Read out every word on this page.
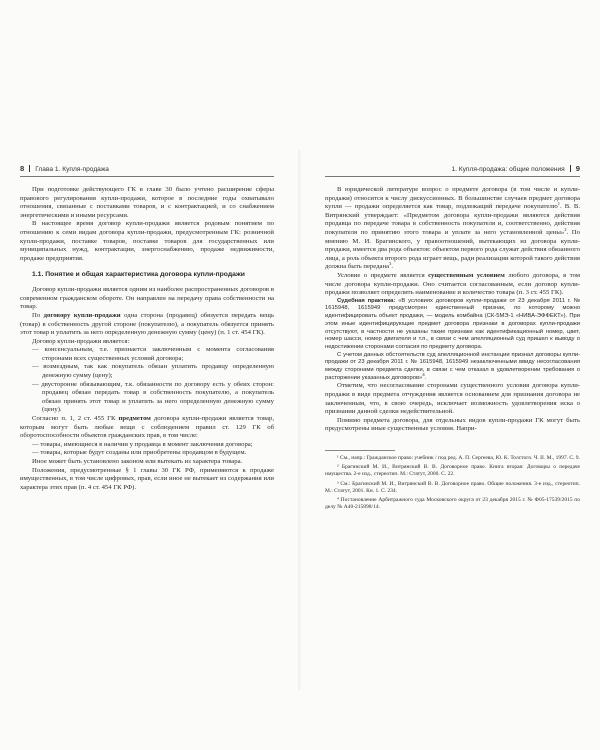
8 Глава 1. Купля-продажа	1. Купля-продажа: общие положения 9

При подготовке действующего ГК в главе 30 было учтено расширение сферы правового регулирования купли-продажи, которое в последние годы охватывало отношения, связанные с поставками товаров, и с контрактацией, и со снабжением энергетическими и иными ресурсами.

В настоящее время договор купли-продажи является родовым понятием по отношению к семи видам договора купли-продажи, предусмотренным ГК: розничной купли-продажи, поставке товаров, поставке товаров для государственных или муниципальных нужд, контрактации, энергоснабжению, продаже недвижимости, продаже предприятия.

1.1. Понятие и общая характеристика договора купли-продажи

Договор купли-продажи является одним из наиболее распространенных договоров в современном гражданском обороте. Он направлен на передачу права собственности на товар.

По договору купли-продажи одна сторона (продавец) обязуется передать вещь (товар) в собственность другой стороне (покупателю), а покупатель обязуется принять этот товар и уплатить за него определенную денежную сумму (цену) (п. 1 ст. 454 ГК).

Договор купли-продажи является:

— консенсуальным, т.е. признается заключенным с момента согласования сторонами всех существенных условий договора;

— возмездным, так как покупатель обязан уплатить продавцу определенную денежную сумму (цену);

— двусторонне обязывающим, т.к. обязанности по договору есть у обеих сторон: продавец обязан передать товар в собственность покупателю, а покупатель обязан принять этот товар и уплатить за него определенную денежную сумму (цену).

Согласно п. 1, 2 ст. 455 ГК предметом договора купли-продажи является товар, которым могут быть любые вещи с соблюдением правил ст. 129 ГК об оборотоспособности объектов гражданских прав, в том числе:

— товары, имеющиеся в наличии у продавца в момент заключения договора;

— товары, которые будут созданы или приобретены продавцом в будущем.

Иное может быть установлено законом или вытекать из характера товара.

Положения, предусмотренные § 1 главы 30 ГК РФ, применяются к продаже имущественных, в том числе цифровых, прав, если иное не вытекает из содержания или характера этих прав (п. 4 ст. 454 ГК РФ).

В юридической литературе вопрос о предмете договора (в том числе и купли-продажи) относится к числу дискуссионных. В большинстве случаев предмет договора купли — продажи определяется как товар, подлежащий передаче покупателю$^1$. В. В. Витрянский утверждает: «Предметом договора купли-продажи являются действия продавца по передаче товара в собственность покупателя и, соответственно, действия покупателя по принятию этого товара и уплате за него установленной цены»$^2$. По мнению М. И. Брагинского, у правоотношений, вытекающих из договора купли-продажи, имеется два рода объектов: объектом первого рода служат действия обязанного лица, а роль объекта второго рода играет вещь, ради реализации которой такого действия должна быть передана$^3$.

Условие о предмете является существенным условием любого договора, в том числе договора купли-продажи. Оно считается согласованным, если договор купли-продажи позволяет определить наименование и количество товара (п. 3 ст. 455 ГК).

Судебная практика: «В условиях договоров купли-продажи от 23 декабря 2011 г. № 1615948, 1615949 предусмотрен единственный признак, по которому можно идентифицировать объект продажи, — модель комбайна (СК-5МЭ-1 «НИВА-ЭФФЕКТ»). При этом иные идентифицирующие предмет договора признаки в договорах купли-продажи отсутствуют, в частности не указаны такие признаки как идентификационный номер, цвет, номер шасси, номер двигателя и т.п., в связи с чем апелляционный суд пришел к выводу о недостижении сторонами согласия по предмету договора.

С учетом данных обстоятельств суд апелляционной инстанции признал договоры купли-продажи от 23 декабря 2011 г. № 1615948, 1615949 незаключенными ввиду несогласования между сторонами предмета сделки, в связи с чем отказал в удовлетворении требования о расторжении указанных договоров»$^4$.

Отметим, что несогласование сторонами существенного условия договора купли-продажи в виде предмета отчуждения является основанием для признания договора не заключенным, что, в свою очередь, исключает возможность удовлетворения иска о признании данной сделки недействительной.

Помимо предмета договора, для отдельных видов купли-продажи ГК могут быть предусмотрены иные существенные условия. Напри-

¹ См., напр.: Гражданское право: учебник / под ред. А. П. Сергеева, Ю. К. Толстого. Ч. II. М., 1997. С. 9.

² Брагинский М. И., Витрянский В. В. Договорное право. Книга вторая: Договоры о передаче имущества. 2-е изд., стереотип. М.: Статут, 2000. С. 22.

³ См.: Брагинский М. И., Витрянский В. В. Договорное право. Общие положения. 3-е изд., стереотип. М.: Статут, 2001. Кн. 1. С. 234.

⁴ Постановление Арбитражного суда Московского округа от 23 декабря 2015 г. № Ф05-17539/2015 по делу № А40-215898/14.
